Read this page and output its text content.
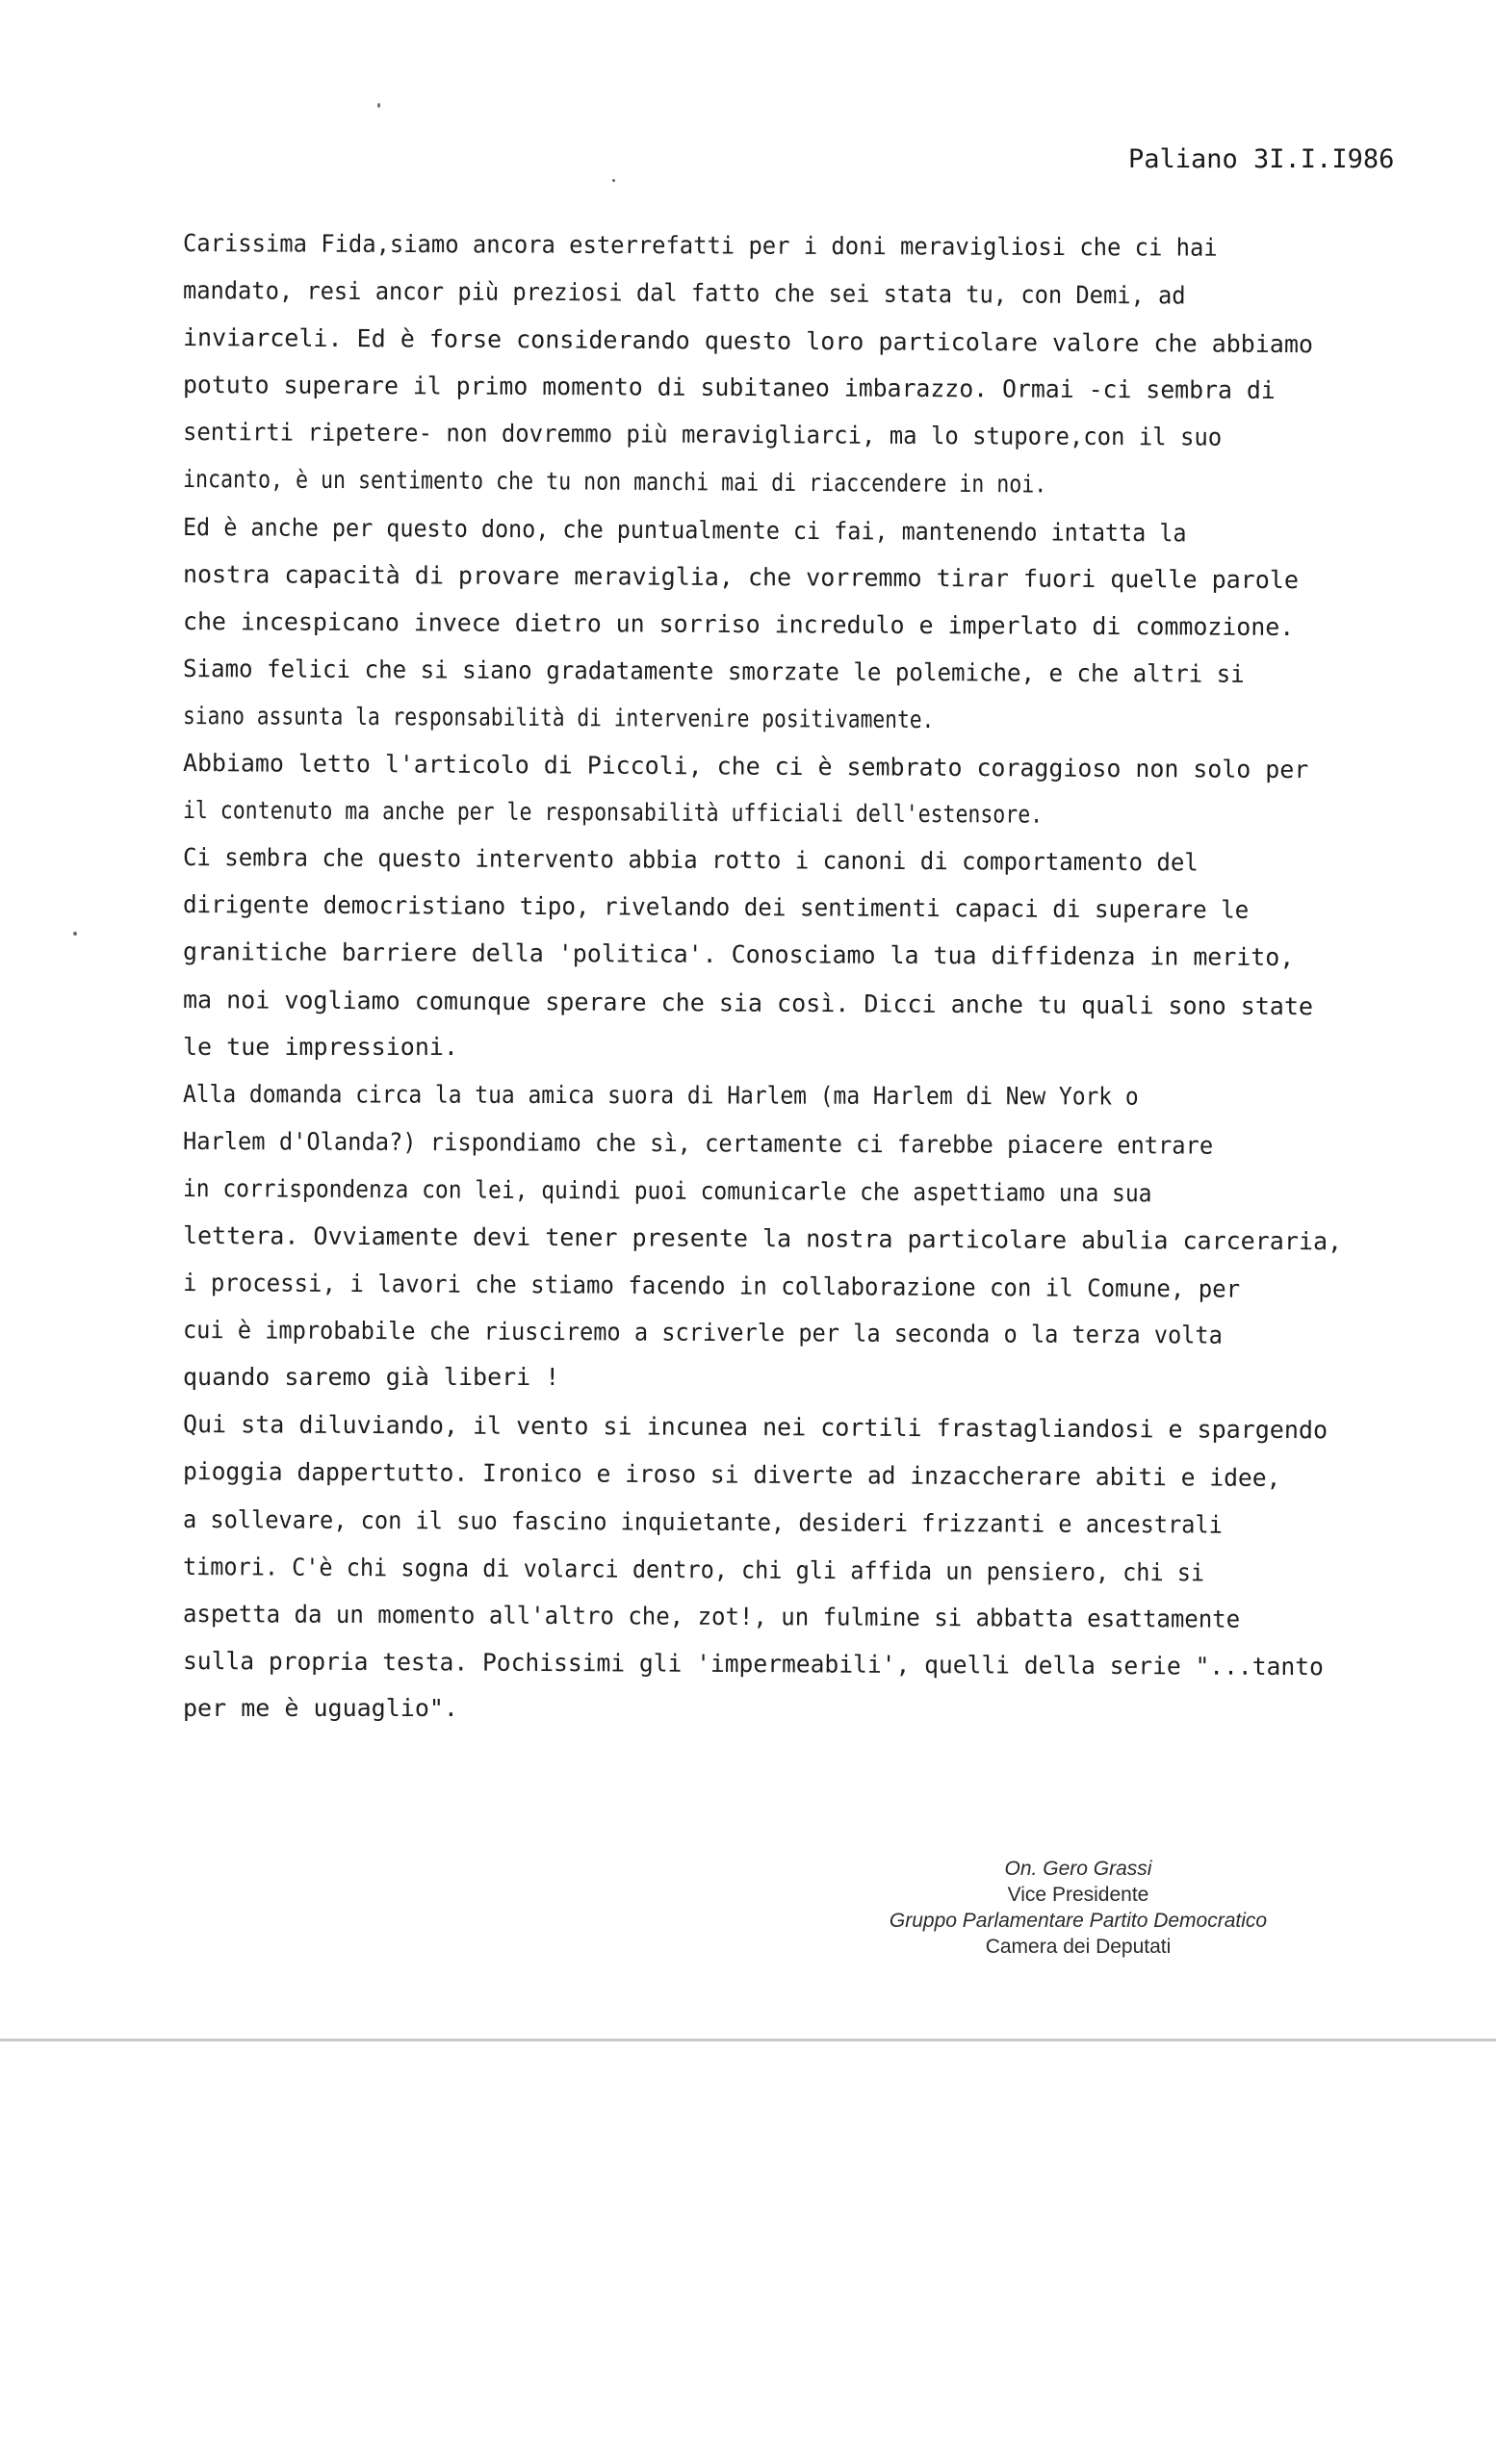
Paliano 3I.I.I986
Carissima Fida,siamo ancora esterrefatti per i doni meravigliosi che ci hai
mandato, resi ancor più preziosi dal fatto che sei stata tu, con Demi, ad
inviarceli. Ed è forse considerando questo loro particolare valore che abbiamo
potuto superare il primo momento di subitaneo imbarazzo. Ormai -ci sembra di
sentirti ripetere- non dovremmo più meravigliarci, ma lo stupore,con il suo
incanto, è un sentimento che tu non manchi mai di riaccendere in noi.
Ed è anche per questo dono, che puntualmente ci fai, mantenendo intatta la
nostra capacità di provare meraviglia, che vorremmo tirar fuori quelle parole
che incespicano invece dietro un sorriso incredulo e imperlato di commozione.
Siamo felici che si siano gradatamente smorzate le polemiche, e che altri si
siano assunta la responsabilità di intervenire positivamente.
Abbiamo letto l'articolo di Piccoli, che ci è sembrato coraggioso non solo per
il contenuto ma anche per le responsabilità ufficiali dell'estensore.
Ci sembra che questo intervento abbia rotto i canoni di comportamento del
dirigente democristiano tipo, rivelando dei sentimenti capaci di superare le
granitiche barriere della 'politica'. Conosciamo la tua diffidenza in merito,
ma noi vogliamo comunque sperare che sia così. Dicci anche tu quali sono state
le tue impressioni.
Alla domanda circa la tua amica suora di Harlem (ma Harlem di New York o
Harlem d'Olanda?) rispondiamo che sì, certamente ci farebbe piacere entrare
in corrispondenza con lei, quindi puoi comunicarle che aspettiamo una sua
lettera. Ovviamente devi tener presente la nostra particolare abulia carceraria,
i processi, i lavori che stiamo facendo in collaborazione con il Comune, per
cui è improbabile che riusciremo a scriverle per la seconda o la terza volta
quando saremo già liberi !
Qui sta diluviando, il vento si incunea nei cortili frastagliandosi e spargendo
pioggia dappertutto. Ironico e iroso si diverte ad inzaccherare abiti e idee,
a sollevare, con il suo fascino inquietante, desideri frizzanti e ancestrali
timori. C'è chi sogna di volarci dentro, chi gli affida un pensiero, chi si
aspetta da un momento all'altro che, zot!, un fulmine si abbatta esattamente
sulla propria testa. Pochissimi gli 'impermeabili', quelli della serie "...tanto
per me è uguaglio".
On. Gero Grassi
Vice Presidente
Gruppo Parlamentare Partito Democratico
Camera dei Deputati
